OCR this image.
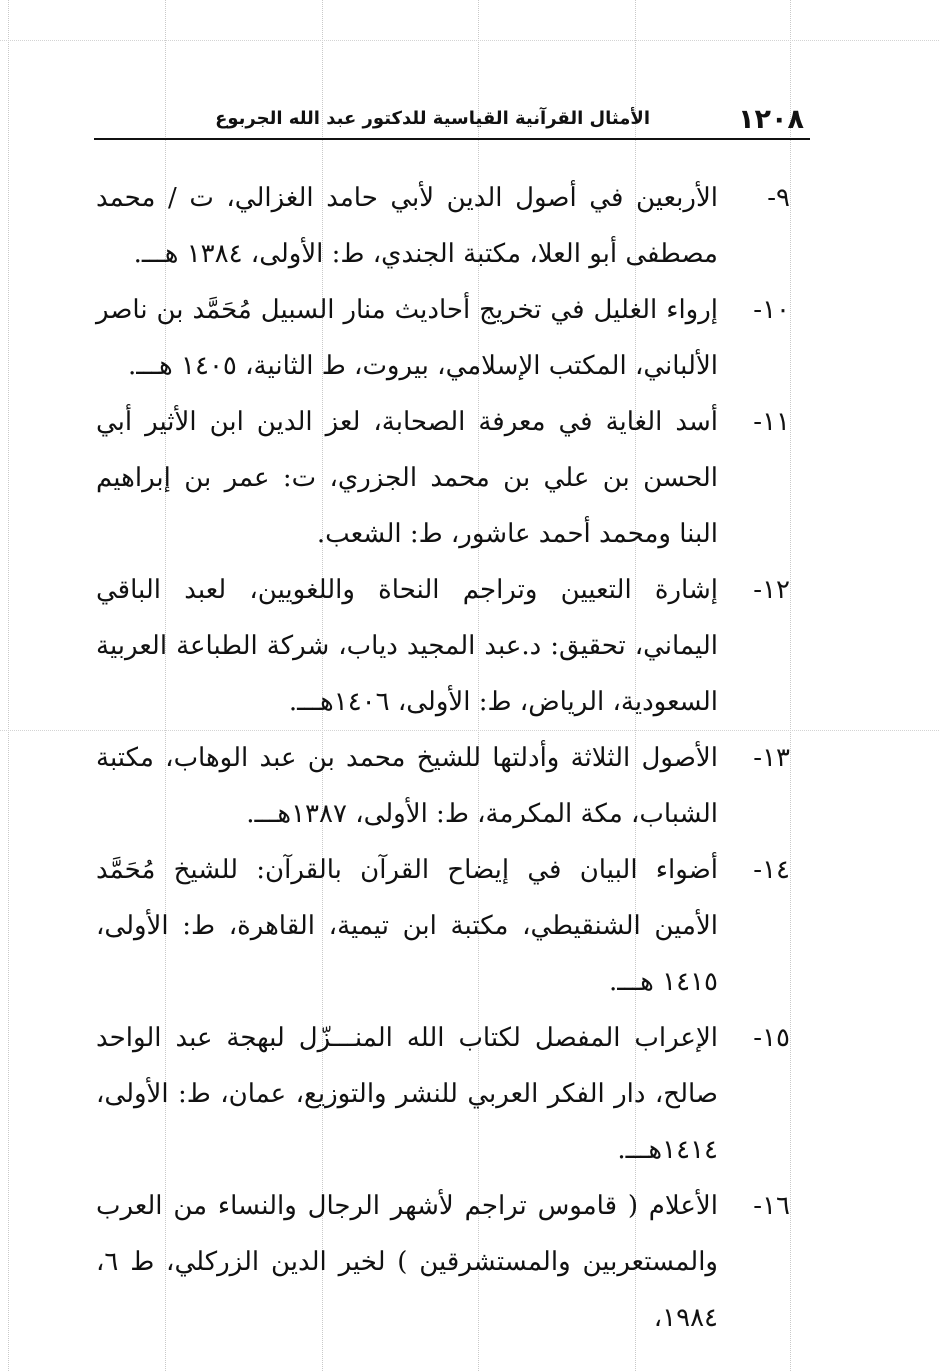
١٢٠٨
الأمثال القرآنية القياسية للدكتور عبد الله الجربوع

٩-
الأربعين في أصول الدين لأبي حامد الغزالي، ت / محمد مصطفى أبو العلا، مكتبة الجندي، ط: الأولى، ١٣٨٤ هـــ.

١٠-
إرواء الغليل في تخريج أحاديث منار السبيل مُحَمَّد بن ناصر الألباني، المكتب الإسلامي، بيروت، ط الثانية، ١٤٠٥ هـــ.

١١-
أسد الغاية في معرفة الصحابة، لعز الدين ابن الأثير أبي الحسن بن علي بن محمد الجزري، ت: عمر بن إبراهيم البنا ومحمد أحمد عاشور، ط: الشعب.

١٢-
إشارة التعيين وتراجم النحاة واللغويين، لعبد الباقي اليماني، تحقيق: د.عبد المجيد دياب، شركة الطباعة العربية السعودية، الرياض، ط: الأولى، ١٤٠٦هـــ.

١٣-
الأصول الثلاثة وأدلتها للشيخ محمد بن عبد الوهاب، مكتبة الشباب، مكة المكرمة، ط: الأولى، ١٣٨٧هـــ.

١٤-
أضواء البيان في إيضاح القرآن بالقرآن: للشيخ مُحَمَّد الأمين الشنقيطي، مكتبة ابن تيمية، القاهرة، ط: الأولى، ١٤١٥ هـــ.

١٥-
الإعراب المفصل لكتاب الله المنـــزّل لبهجة عبد الواحد صالح، دار الفكر العربي للنشر والتوزيع، عمان، ط: الأولى، ١٤١٤هـــ.

١٦-
الأعلام ( قاموس تراجم لأشهر الرجال والنساء من العرب والمستعربين والمستشرقين ) لخير الدين الزركلي، ط ٦، ١٩٨٤،
